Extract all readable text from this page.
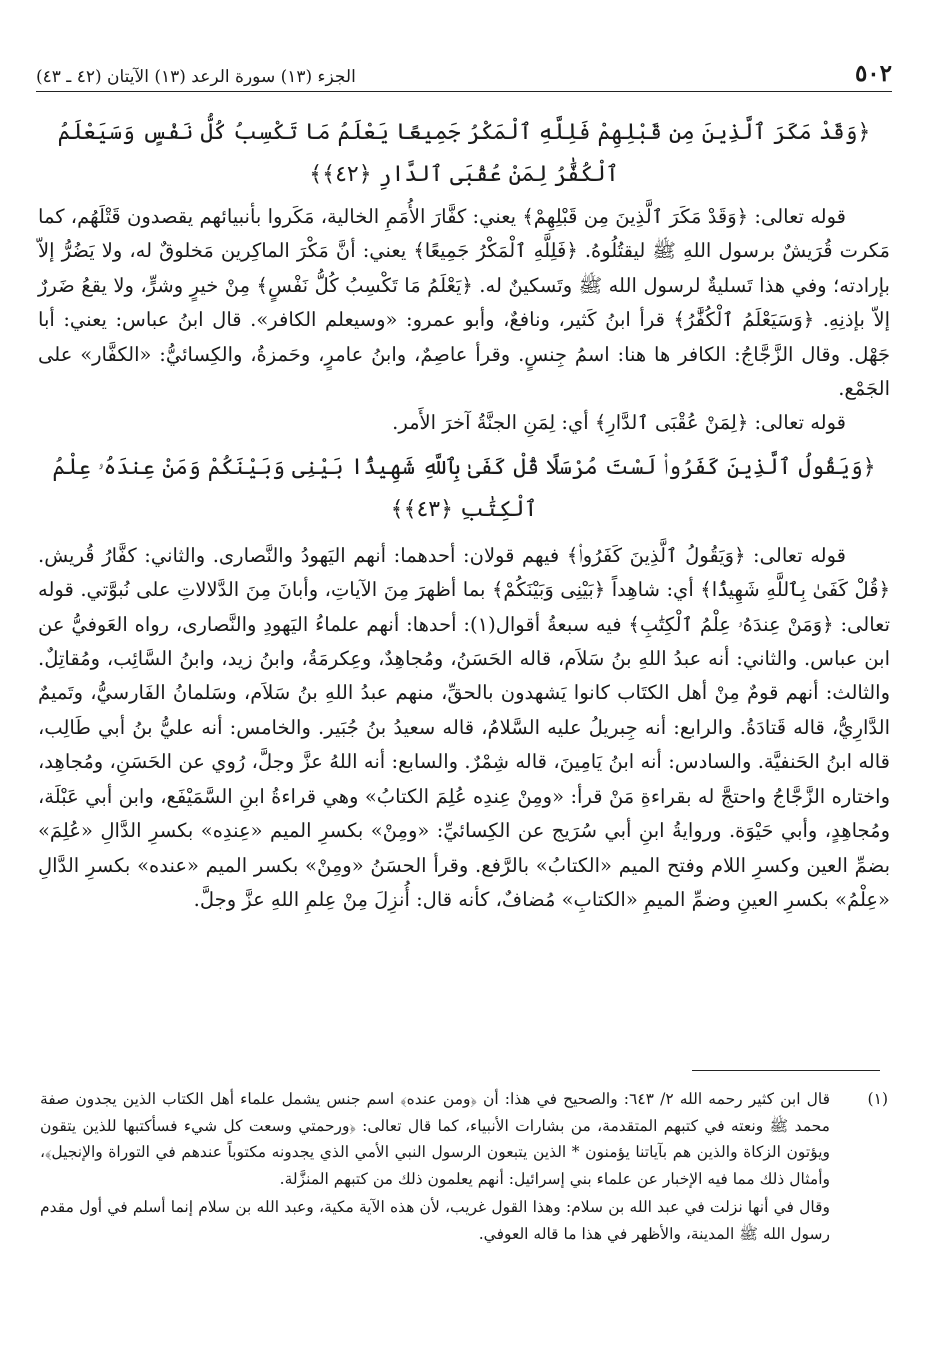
٥٠٢
الجزء (١٣) سورة الرعد (١٣) الآيتان (٤٢ ـ ٤٣)

﴿وَقَدْ مَكَرَ ٱلَّذِينَ مِن قَبْلِهِمْ فَلِلَّهِ ٱلْمَكْرُ جَمِيعًا يَعْلَمُ مَا تَكْسِبُ كُلُّ نَفْسٍ وَسَيَعْلَمُ ٱلْكُفَّٰرُ لِمَنْ عُقْبَى ٱلدَّارِ ﴿٤٢﴾﴾

قوله تعالى: ﴿وَقَدْ مَكَرَ ٱلَّذِينَ مِن قَبْلِهِمْ﴾ يعني: كفَّارَ الأُمَمِ الخالية، مَكَروا بأنبيائهم يقصدون قَتْلَهُم، كما مَكرت قُرَيشٌ برسول اللهِ ﷺ ليقتُلُوهُ. ﴿فَلِلَّهِ ٱلْمَكْرُ جَمِيعًا﴾ يعني: أنَّ مَكْرَ الماكِرين مَخلوقٌ له، ولا يَضُرُّ إلاّ بإرادته؛ وفي هذا تَسليةٌ لرسول الله ﷺ وتَسكينٌ له. ﴿يَعْلَمُ مَا تَكْسِبُ كُلُّ نَفْسٍ﴾ مِنْ خيرٍ وشرٍّ، ولا يقعُ ضَررٌ إلاّ بإذنِهِ. ﴿وَسَيَعْلَمُ ٱلْكُفَّٰرُ﴾ قرأ ابنُ كَثير، ونافعٌ، وأبو عمرو: «وسيعلم الكافر». قال ابنُ عباس: يعني: أبا جَهْل. وقال الزَّجَّاجُ: الكافر ها هنا: اسمُ جِنسٍ. وقرأ عاصِمٌ، وابنُ عامرٍ، وحَمزةُ، والكِسائيُّ: «الكفَّار» على الجَمْع.

قوله تعالى: ﴿لِمَنْ عُقْبَى ٱلدَّارِ﴾ أي: لِمَنِ الجنَّةُ آخرَ الأَمر.

﴿وَيَقُولُ ٱلَّذِينَ كَفَرُوا۟ لَسْتَ مُرْسَلًا قُلْ كَفَىٰ بِٱللَّهِ شَهِيدًۢا بَيْنِى وَبَيْنَكُمْ وَمَنْ عِندَهُۥ عِلْمُ ٱلْكِتَٰبِ ﴿٤٣﴾﴾

قوله تعالى: ﴿وَيَقُولُ ٱلَّذِينَ كَفَرُوا۟﴾ فيهم قولان: أحدهما: أنهم اليَهودُ والنَّصارى. والثاني: كفَّارُ قُريش. ﴿قُلْ كَفَىٰ بِٱللَّهِ شَهِيدًۢا﴾ أي: شاهِداً ﴿بَيْنِى وَبَيْنَكُمْ﴾ بما أظهرَ مِنَ الآياتِ، وأبانَ مِنَ الدَّلالاتِ على نُبوَّتي. قوله تعالى: ﴿وَمَنْ عِندَهُۥ عِلْمُ ٱلْكِتَٰبِ﴾ فيه سبعةُ أقوال(١): أحدها: أنهم علماءُ اليَهودِ والنَّصارى، رواه العَوفيُّ عن ابن عباس. والثاني: أنه عبدُ اللهِ بنُ سَلاَم، قاله الحَسَنُ، ومُجاهِدٌ، وعِكرمَةُ، وابنُ زيد، وابنُ السَّائِب، ومُقاتِلٌ. والثالث: أنهم قومٌ مِنْ أهل الكتَاب كانوا يَشهدون بالحقِّ، منهم عبدُ اللهِ بنُ سَلاَم، وسَلمانُ الفَارسيُّ، وتَميمٌ الدَّارِيُّ، قاله قَتادَةُ. والرابع: أنه جِبريلُ عليه السَّلامُ، قاله سعيدُ بنُ جُبَير. والخامس: أنه عليُّ بنُ أبي طَالِب، قاله ابنُ الحَنفيَّة. والسادس: أنه ابنُ يَامِينَ، قاله شِمْرٌ. والسابع: أنه اللهُ عزَّ وجلَّ، رُوي عن الحَسَنِ، ومُجاهِد، واختاره الزَّجَّاجُ واحتجَّ له بقراءةِ مَنْ قرأ: «ومِنْ عِندِه عُلِمَ الكتابُ» وهي قراءةُ ابنِ السَّمَيْفَع، وابن أبي عَبْلَة، ومُجاهِدٍ، وأبي حَيْوَة. وروايةُ ابنِ أبي سُرَيج عن الكِسائيِّ: «ومِنْ» بكسرِ الميم «عِندِه» بكسرِ الدَّالِ «عُلِمَ» بضمِّ العين وكسرِ اللام وفتح الميم «الكتابُ» بالرَّفع. وقرأ الحسَنُ «ومِنْ» بكسر الميم «عنده» بكسرِ الدَّالِ «عِلْمُ» بكسرِ العينِ وضمِّ الميمِ «الكتابِ» مُضافٌ، كأنه قال: أُنزِلَ مِنْ عِلمِ اللهِ عزَّ وجلَّ.

(١)

قال ابن كثير رحمه الله ٢/ ٦٤٣: والصحيح في هذا: أن ﴿ومن عنده﴾ اسم جنس يشمل علماء أهل الكتاب الذين يجدون صفة محمد ﷺ ونعته في كتبهم المتقدمة، من بشارات الأنبياء، كما قال تعالى: ﴿ورحمتي وسعت كل شيء فسأكتبها للذين يتقون ويؤتون الزكاة والذين هم بآياتنا يؤمنون * الذين يتبعون الرسول النبي الأمي الذي يجدونه مكتوباً عندهم في التوراة والإنجيل﴾، وأمثال ذلك مما فيه الإخبار عن علماء بني إسرائيل: أنهم يعلمون ذلك من كتبهم المنزَّلة.

وقال في أنها نزلت في عبد الله بن سلام: وهذا القول غريب، لأن هذه الآية مكية، وعبد الله بن سلام إنما أسلم في أول مقدم رسول الله ﷺ المدينة، والأظهر في هذا ما قاله العوفي.
